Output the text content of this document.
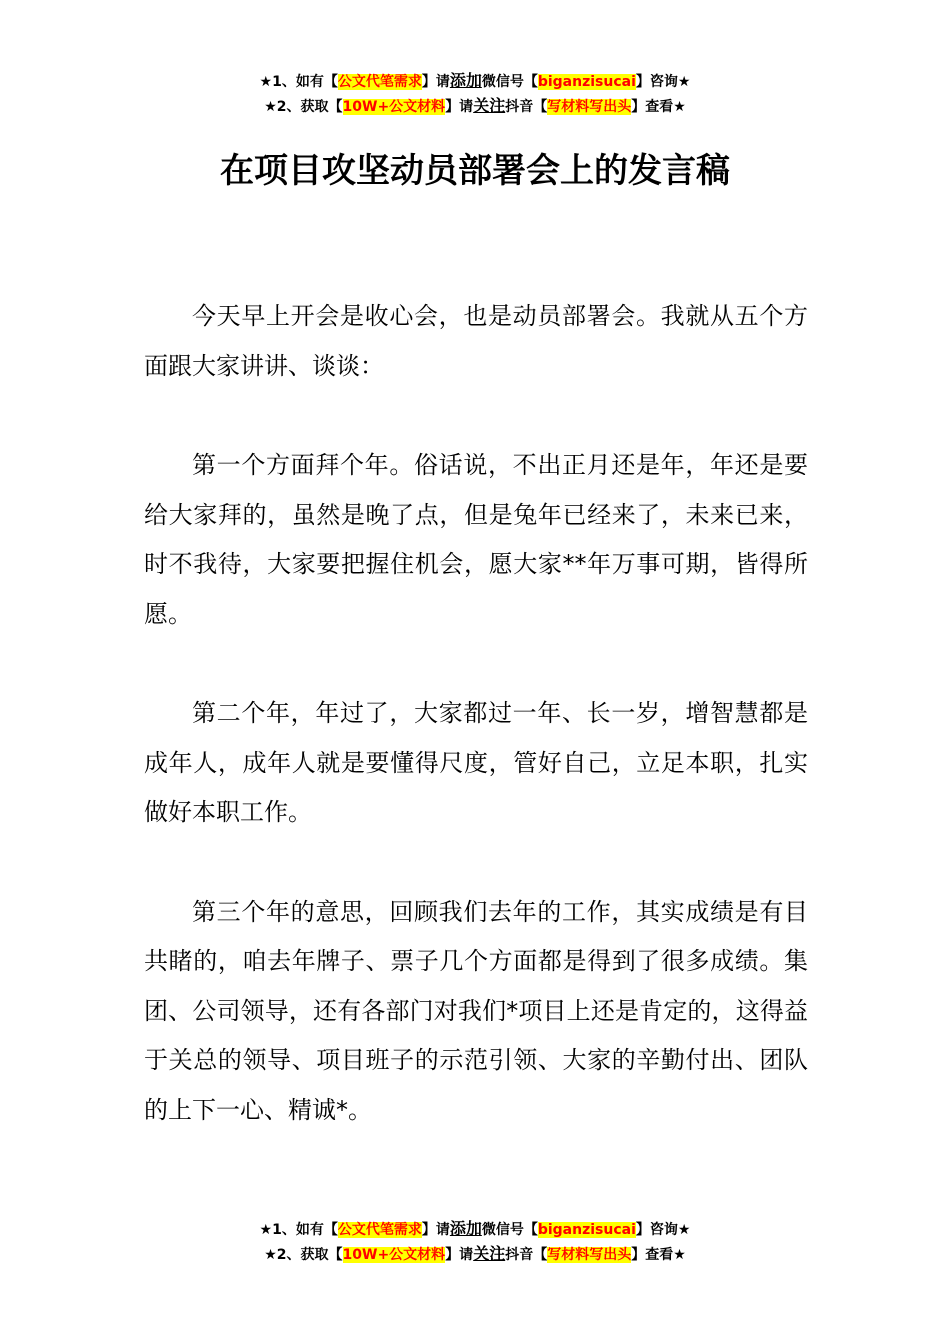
★1、如有【公文代笔需求】请添加微信号【biganzisucai】咨询★
★2、获取【10W+公文材料】请关注抖音【写材料写出头】查看★
在项目攻坚动员部署会上的发言稿

今天早上开会是收心会，也是动员部署会。我就从五个方面跟大家讲讲、谈谈：

第一个方面拜个年。俗话说，不出正月还是年，年还是要给大家拜的，虽然是晚了点，但是兔年已经来了，未来已来，时不我待，大家要把握住机会，愿大家**年万事可期，皆得所愿。

第二个年，年过了，大家都过一年、长一岁，增智慧都是成年人，成年人就是要懂得尺度，管好自己，立足本职，扎实做好本职工作。

第三个年的意思，回顾我们去年的工作，其实成绩是有目共睹的，咱去年牌子、票子几个方面都是得到了很多成绩。集团、公司领导，还有各部门对我们*项目上还是肯定的，这得益于关总的领导、项目班子的示范引领、大家的辛勤付出、团队的上下一心、精诚*。

★1、如有【公文代笔需求】请添加微信号【biganzisucai】咨询★
★2、获取【10W+公文材料】请关注抖音【写材料写出头】查看★
